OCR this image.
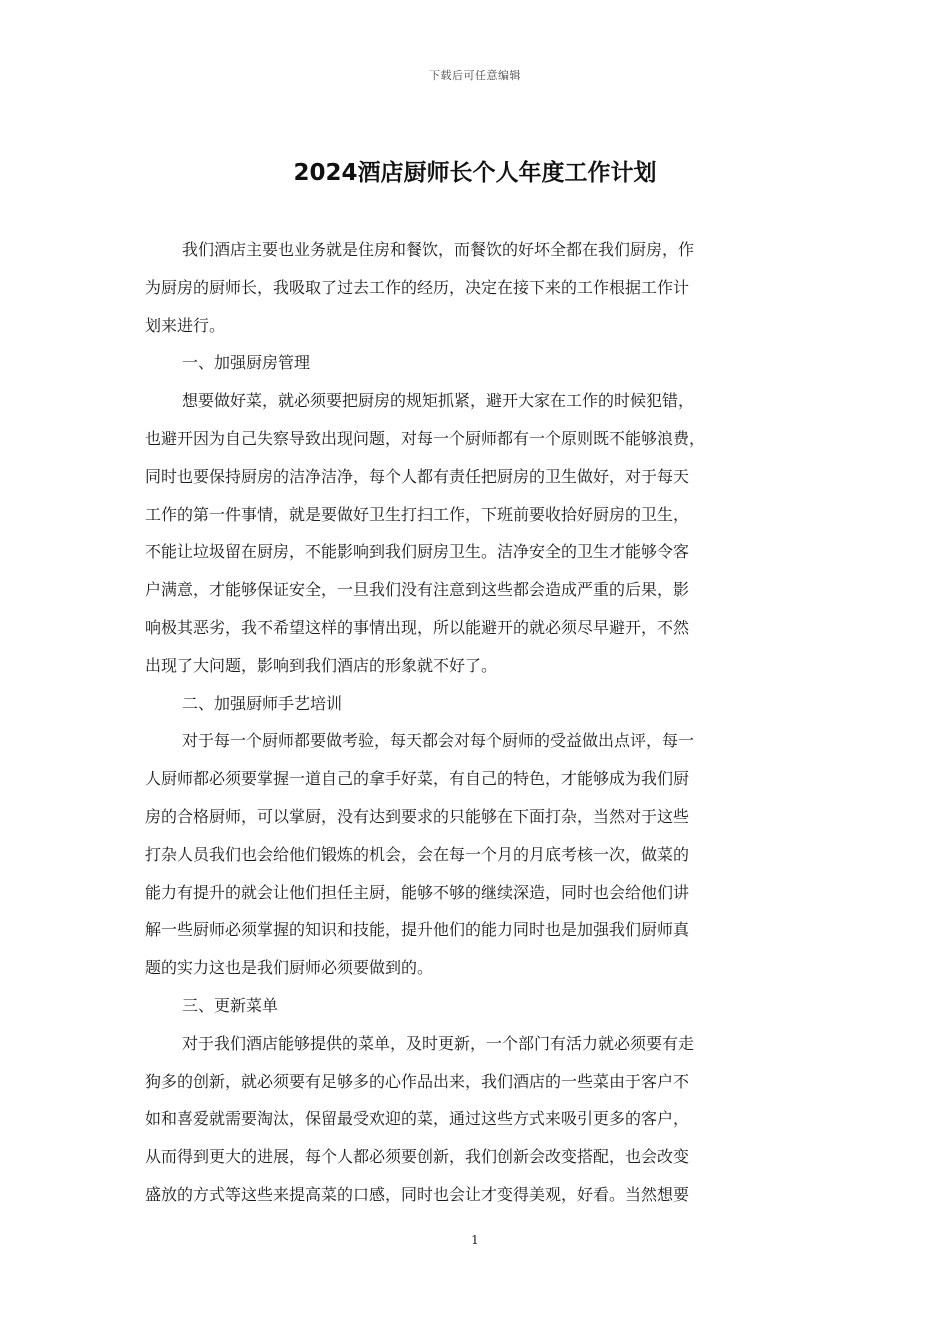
下载后可任意编辑
2024酒店厨师长个人年度工作计划
我们酒店主要也业务就是住房和餐饮，而餐饮的好坏全都在我们厨房，作
为厨房的厨师长，我吸取了过去工作的经历，决定在接下来的工作根据工作计
划来进行。
一、加强厨房管理
想要做好菜，就必须要把厨房的规矩抓紧，避开大家在工作的时候犯错，
也避开因为自己失察导致出现问题，对每一个厨师都有一个原则既不能够浪费，
同时也要保持厨房的洁净洁净，每个人都有责任把厨房的卫生做好，对于每天
工作的第一件事情，就是要做好卫生打扫工作，下班前要收拾好厨房的卫生，
不能让垃圾留在厨房，不能影响到我们厨房卫生。洁净安全的卫生才能够令客
户满意，才能够保证安全，一旦我们没有注意到这些都会造成严重的后果，影
响极其恶劣，我不希望这样的事情出现，所以能避开的就必须尽早避开，不然
出现了大问题，影响到我们酒店的形象就不好了。
二、加强厨师手艺培训
对于每一个厨师都要做考验，每天都会对每个厨师的受益做出点评，每一
人厨师都必须要掌握一道自己的拿手好菜，有自己的特色，才能够成为我们厨
房的合格厨师，可以掌厨，没有达到要求的只能够在下面打杂，当然对于这些
打杂人员我们也会给他们锻炼的机会，会在每一个月的月底考核一次，做菜的
能力有提升的就会让他们担任主厨，能够不够的继续深造，同时也会给他们讲
解一些厨师必须掌握的知识和技能，提升他们的能力同时也是加强我们厨师真
题的实力这也是我们厨师必须要做到的。
三、更新菜单
对于我们酒店能够提供的菜单，及时更新，一个部门有活力就必须要有走
狗多的创新，就必须要有足够多的心作品出来，我们酒店的一些菜由于客户不
如和喜爱就需要淘汰，保留最受欢迎的菜，通过这些方式来吸引更多的客户，
从而得到更大的进展，每个人都必须要创新，我们创新会改变搭配，也会改变
盛放的方式等这些来提高菜的口感，同时也会让才变得美观，好看。当然想要
1
